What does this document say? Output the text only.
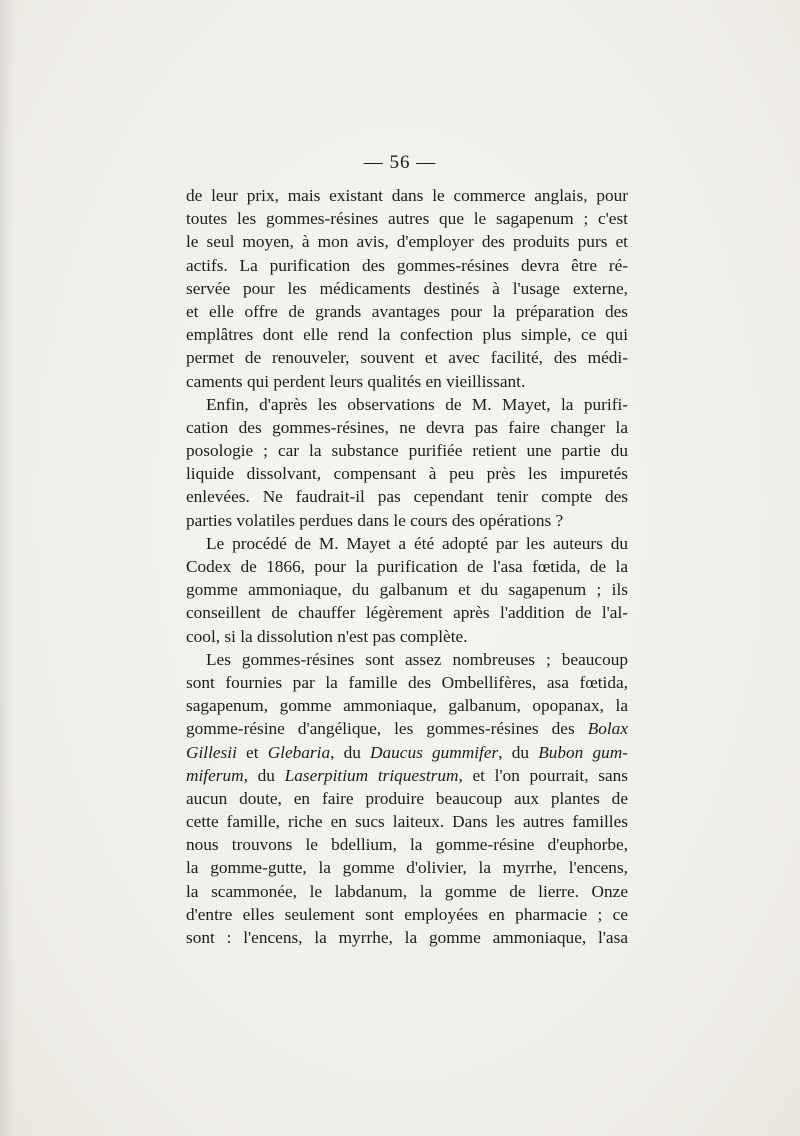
— 56 —
de leur prix, mais existant dans le commerce anglais, pour
toutes les gommes-résines autres que le sagapenum ; c'est
le seul moyen, à mon avis, d'employer des produits purs et
actifs. La purification des gommes-résines devra être ré-
servée pour les médicaments destinés à l'usage externe,
et elle offre de grands avantages pour la préparation des
emplâtres dont elle rend la confection plus simple, ce qui
permet de renouveler, souvent et avec facilité, des médi-
caments qui perdent leurs qualités en vieillissant.
Enfin, d'après les observations de M. Mayet, la purifi-
cation des gommes-résines, ne devra pas faire changer la
posologie ; car la substance purifiée retient une partie du
liquide dissolvant, compensant à peu près les impuretés
enlevées. Ne faudrait-il pas cependant tenir compte des
parties volatiles perdues dans le cours des opérations ?
Le procédé de M. Mayet a été adopté par les auteurs du
Codex de 1866, pour la purification de l'asa fœtida, de la
gomme ammoniaque, du galbanum et du sagapenum ; ils
conseillent de chauffer légèrement après l'addition de l'al-
cool, si la dissolution n'est pas complète.
Les gommes-résines sont assez nombreuses ; beaucoup
sont fournies par la famille des Ombellifères, asa fœtida,
sagapenum, gomme ammoniaque, galbanum, opopanax, la
gomme-résine d'angélique, les gommes-résines des Bolax
Gillesii et Glebaria, du Daucus gummifer, du Bubon gum-
miferum, du Laserpitium triquestrum, et l'on pourrait, sans
aucun doute, en faire produire beaucoup aux plantes de
cette famille, riche en sucs laiteux. Dans les autres familles
nous trouvons le bdellium, la gomme-résine d'euphorbe,
la gomme-gutte, la gomme d'olivier, la myrrhe, l'encens,
la scammonée, le labdanum, la gomme de lierre. Onze
d'entre elles seulement sont employées en pharmacie ; ce
sont : l'encens, la myrrhe, la gomme ammoniaque, l'asa
